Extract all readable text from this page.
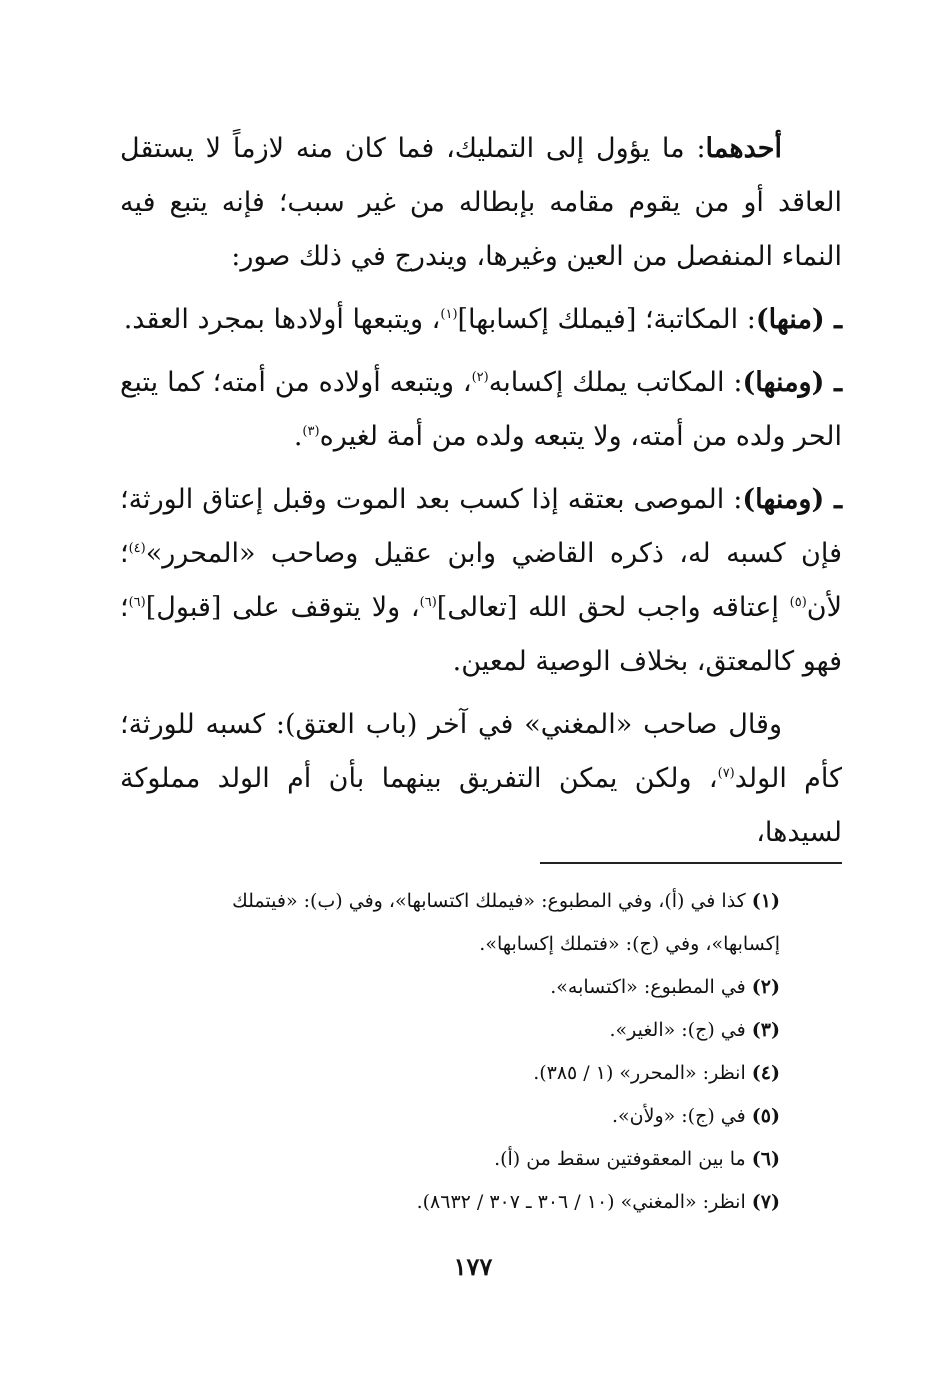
أحدهما: ما يؤول إلى التمليك، فما كان منه لازماً لا يستقل العاقد أو من يقوم مقامه بإبطاله من غير سبب؛ فإنه يتبع فيه النماء المنفصل من العين وغيرها، ويندرج في ذلك صور:

ـ (منها): المكاتبة؛ [فيملك إكسابها]$^{(١)}$، ويتبعها أولادها بمجرد العقد.

ـ (ومنها): المكاتب يملك إكسابه$^{(٢)}$، ويتبعه أولاده من أمته؛ كما يتبع الحر ولده من أمته، ولا يتبعه ولده من أمة لغيره$^{(٣)}$.

ـ (ومنها): الموصى بعتقه إذا كسب بعد الموت وقبل إعتاق الورثة؛ فإن كسبه له، ذكره القاضي وابن عقيل وصاحب «المحرر»$^{(٤)}$؛ لأن$^{(٥)}$ إعتاقه واجب لحق الله [تعالى]$^{(٦)}$، ولا يتوقف على [قبول]$^{(٦)}$؛ فهو كالمعتق، بخلاف الوصية لمعين.

وقال صاحب «المغني» في آخر (باب العتق): كسبه للورثة؛ كأم الولد$^{(٧)}$، ولكن يمكن التفريق بينهما بأن أم الولد مملوكة لسيدها،

(١) كذا في (أ)، وفي المطبوع: «فيملك اكتسابها»، وفي (ب): «فيتملك

إكسابها»، وفي (ج): «فتملك إكسابها».

(٢) في المطبوع: «اكتسابه».

(٣) في (ج): «الغير».

(٤) انظر: «المحرر» (١ / ٣٨٥).

(٥) في (ج): «ولأن».

(٦) ما بين المعقوفتين سقط من (أ).

(٧) انظر: «المغني» (١٠ / ٣٠٦ ـ ٣٠٧ / ٨٦٣٢).

١٧٧
